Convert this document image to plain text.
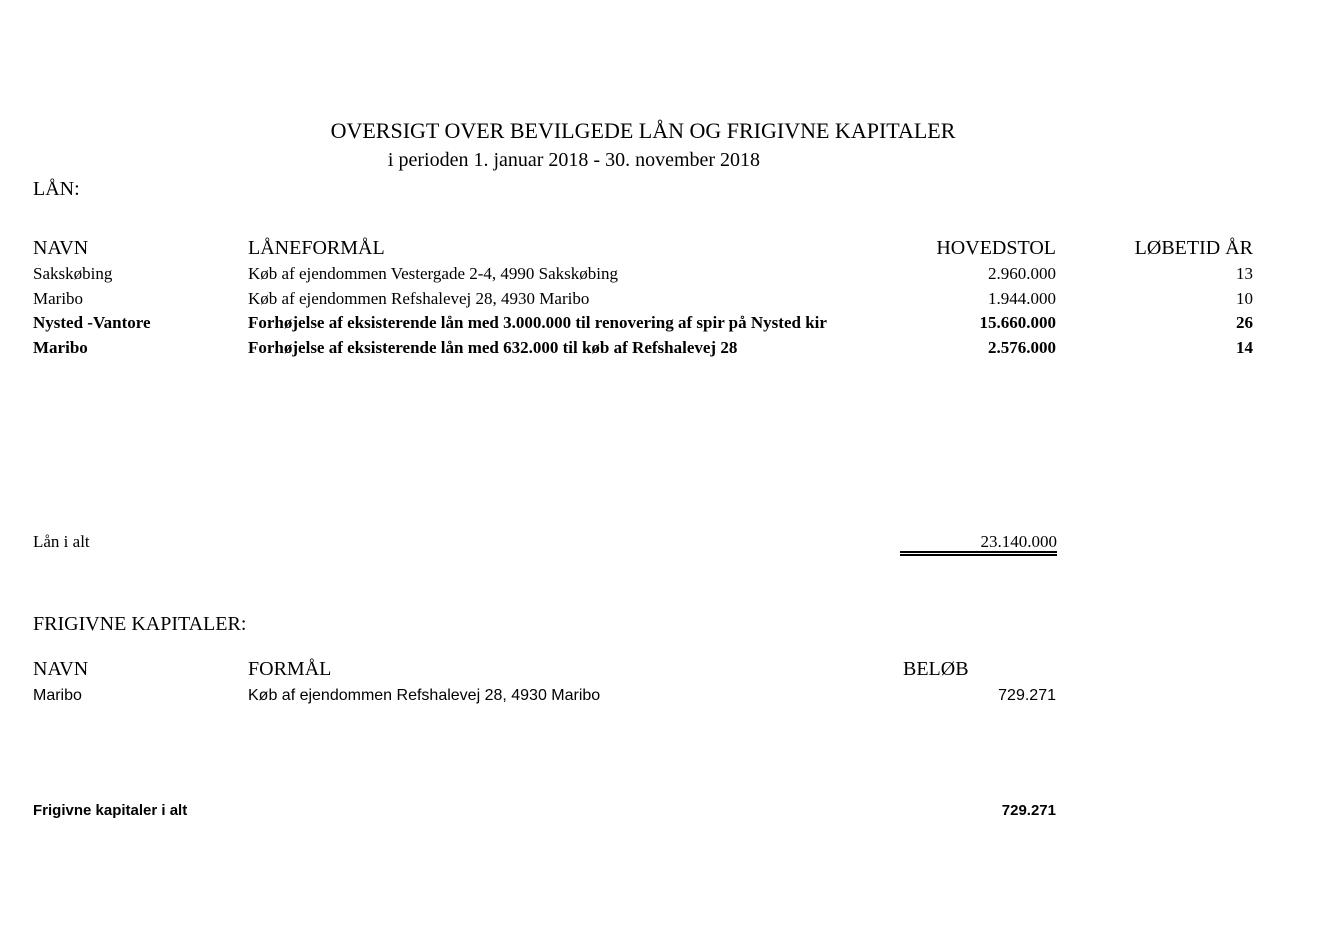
OVERSIGT OVER BEVILGEDE LÅN OG FRIGIVNE KAPITALER
i perioden 1. januar 2018 - 30. november 2018
LÅN:
NAVN	LÅNEFORMÅL	HOVEDSTOL	LØBETID ÅR
Sakskøbing	Køb af ejendommen Vestergade 2-4, 4990 Sakskøbing	2.960.000	13
Maribo	Køb af ejendommen Refshalevej 28, 4930 Maribo	1.944.000	10
Nysted -Vantore	Forhøjelse af eksisterende lån med 3.000.000 til renovering af spir på Nysted kir	15.660.000	26
Maribo	Forhøjelse af eksisterende lån med 632.000 til køb af Refshalevej 28	2.576.000	14
Lån i alt	23.140.000
FRIGIVNE KAPITALER:
NAVN	FORMÅL	BELØB
Maribo	Køb af ejendommen Refshalevej 28, 4930 Maribo	729.271
Frigivne kapitaler i alt	729.271
